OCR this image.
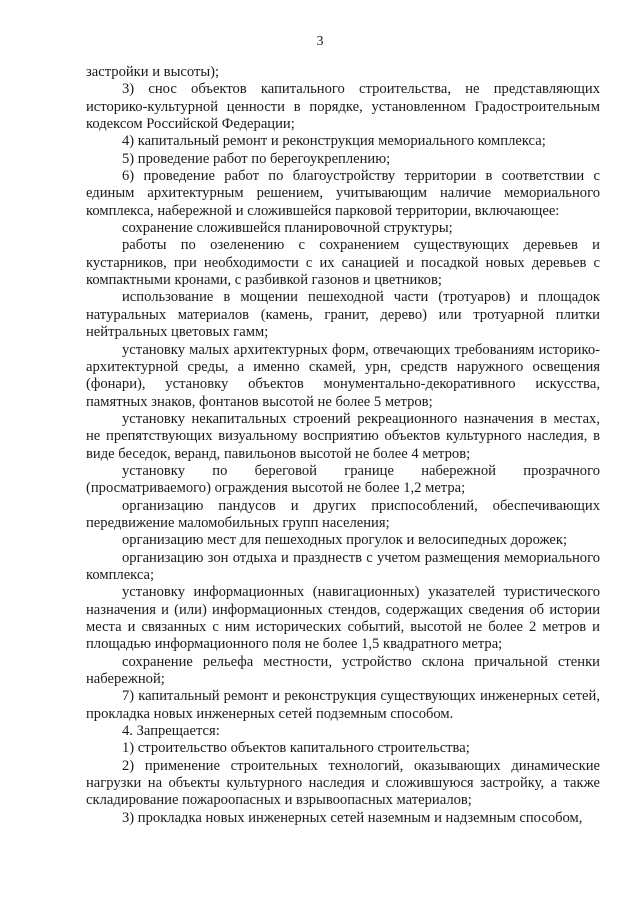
3

застройки и высоты);

3) снос объектов капитального строительства, не представляющих историко-культурной ценности в порядке, установленном Градостроительным кодексом Российской Федерации;

4) капитальный ремонт и реконструкция мемориального комплекса;

5) проведение работ по берегоукреплению;

6) проведение работ по благоустройству территории в соответствии с единым архитектурным решением, учитывающим наличие мемориального комплекса, набережной и сложившейся парковой территории, включающее:

сохранение сложившейся планировочной структуры;

работы по озеленению с сохранением существующих деревьев и кустарников, при необходимости с их санацией и посадкой новых деревьев с компактными кронами, с разбивкой газонов и цветников;

использование в мощении пешеходной части (тротуаров) и площадок натуральных материалов (камень, гранит, дерево) или тротуарной плитки нейтральных цветовых гамм;

установку малых архитектурных форм, отвечающих требованиям историко-архитектурной среды, а именно скамей, урн, средств наружного освещения (фонари), установку объектов монументально-декоративного искусства, памятных знаков, фонтанов высотой не более 5 метров;

установку некапитальных строений рекреационного назначения в местах, не препятствующих визуальному восприятию объектов культурного наследия, в виде беседок, веранд, павильонов высотой не более 4 метров;

установку по береговой границе набережной прозрачного (просматриваемого) ограждения высотой не более 1,2 метра;

организацию пандусов и других приспособлений, обеспечивающих передвижение маломобильных групп населения;

организацию мест для пешеходных прогулок и велосипедных дорожек;

организацию зон отдыха и празднеств с учетом размещения мемориального комплекса;

установку информационных (навигационных) указателей туристического назначения и (или) информационных стендов, содержащих сведения об истории места и связанных с ним исторических событий, высотой не более 2 метров и площадью информационного поля не более 1,5 квадратного метра;

сохранение рельефа местности, устройство склона причальной стенки набережной;

7) капитальный ремонт и реконструкция существующих инженерных сетей, прокладка новых инженерных сетей подземным способом.

4. Запрещается:

1) строительство объектов капитального строительства;

2) применение строительных технологий, оказывающих динамические нагрузки на объекты культурного наследия и сложившуюся застройку, а также складирование пожароопасных и взрывоопасных материалов;

3) прокладка новых инженерных сетей наземным и надземным способом,
